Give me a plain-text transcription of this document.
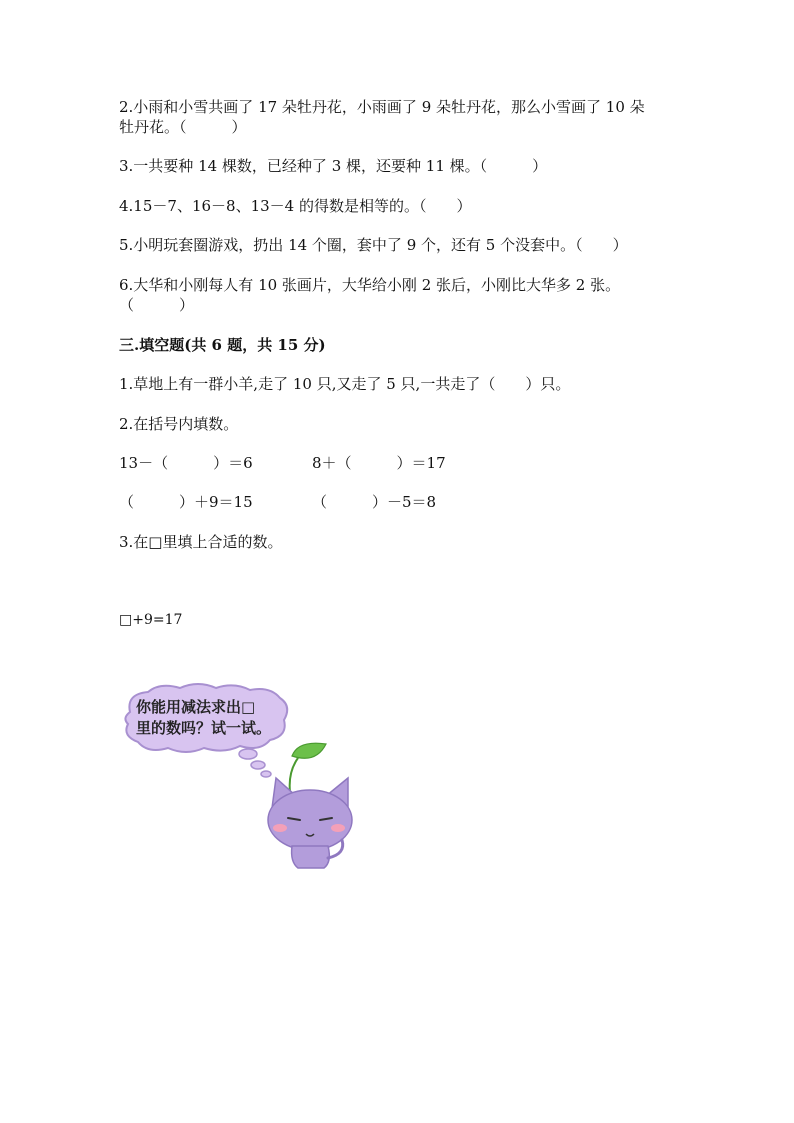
2.小雨和小雪共画了 17 朵牡丹花，小雨画了 9 朵牡丹花，那么小雪画了 10 朵
牡丹花。（　　　）
3.一共要种 14 棵数，已经种了 3 棵，还要种 11 棵。（　　　）
4.15－7、16－8、13－4 的得数是相等的。（　　）
5.小明玩套圈游戏，扔出 14 个圈，套中了 9 个，还有 5 个没套中。（　　）
6.大华和小刚每人有 10 张画片，大华给小刚 2 张后，小刚比大华多 2 张。
（　　　）
三.填空题(共 6 题，共 15 分)
1.草地上有一群小羊,走了 10 只,又走了 5 只,一共走了（　　）只。
2.在括号内填数。
13－（　　　）＝6	8＋（　　　）＝17
（　　　）＋9＝15	（　　　）－5＝8
3.在□里填上合适的数。
□+9=17
你能用减法求出□
里的数吗？试一试。
